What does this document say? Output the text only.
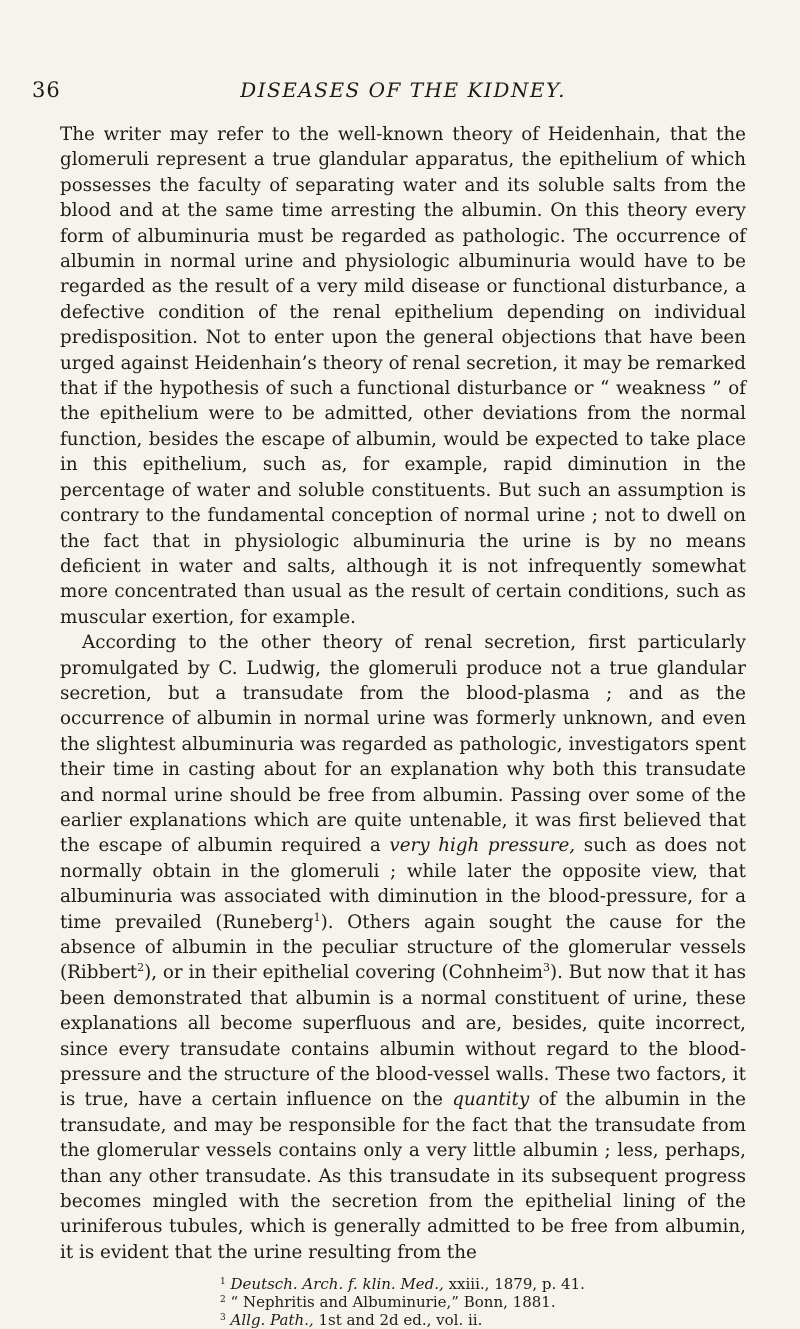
36	DISEASES OF THE KIDNEY.

The writer may refer to the well-known theory of Heidenhain, that the glomeruli represent a true glandular apparatus, the epithelium of which possesses the faculty of separating water and its soluble salts from the blood and at the same time arresting the albumin. On this theory every form of albuminuria must be regarded as pathologic. The occurrence of albumin in normal urine and physiologic albuminuria would have to be regarded as the result of a very mild disease or functional disturbance, a defective condition of the renal epithelium depending on individual predisposition. Not to enter upon the general objections that have been urged against Heidenhain’s theory of renal secretion, it may be remarked that if the hypothesis of such a functional disturbance or “ weakness ” of the epithelium were to be admitted, other deviations from the normal function, besides the escape of albumin, would be expected to take place in this epithelium, such as, for example, rapid diminution in the percentage of water and soluble constituents. But such an assumption is contrary to the fundamental conception of normal urine ; not to dwell on the fact that in physiologic albuminuria the urine is by no means deficient in water and salts, although it is not infrequently somewhat more concentrated than usual as the result of certain conditions, such as muscular exertion, for example.

According to the other theory of renal secretion, first particularly promulgated by C. Ludwig, the glomeruli produce not a true glandular secretion, but a transudate from the blood-plasma ; and as the occurrence of albumin in normal urine was formerly unknown, and even the slightest albuminuria was regarded as pathologic, investigators spent their time in casting about for an explanation why both this transudate and normal urine should be free from albumin. Passing over some of the earlier explanations which are quite untenable, it was first believed that the escape of albumin required a very high pressure, such as does not normally obtain in the glomeruli ; while later the opposite view, that albuminuria was associated with diminution in the blood-pressure, for a time prevailed (Runeberg$^1$). Others again sought the cause for the absence of albumin in the peculiar structure of the glomerular vessels (Ribbert$^2$), or in their epithelial covering (Cohnheim$^3$). But now that it has been demonstrated that albumin is a normal constituent of urine, these explanations all become superfluous and are, besides, quite incorrect, since every transudate contains albumin without regard to the blood-pressure and the structure of the blood-vessel walls. These two factors, it is true, have a certain influence on the quantity of the albumin in the transudate, and may be responsible for the fact that the transudate from the glomerular vessels contains only a very little albumin ; less, perhaps, than any other transudate. As this transudate in its subsequent progress becomes mingled with the secretion from the epithelial lining of the uriniferous tubules, which is generally admitted to be free from albumin, it is evident that the urine resulting from the

$^1$ Deutsch. Arch. f. klin. Med., xxiii., 1879, p. 41.

$^2$ “ Nephritis and Albuminurie,” Bonn, 1881.

$^3$ Allg. Path., 1st and 2d ed., vol. ii.
